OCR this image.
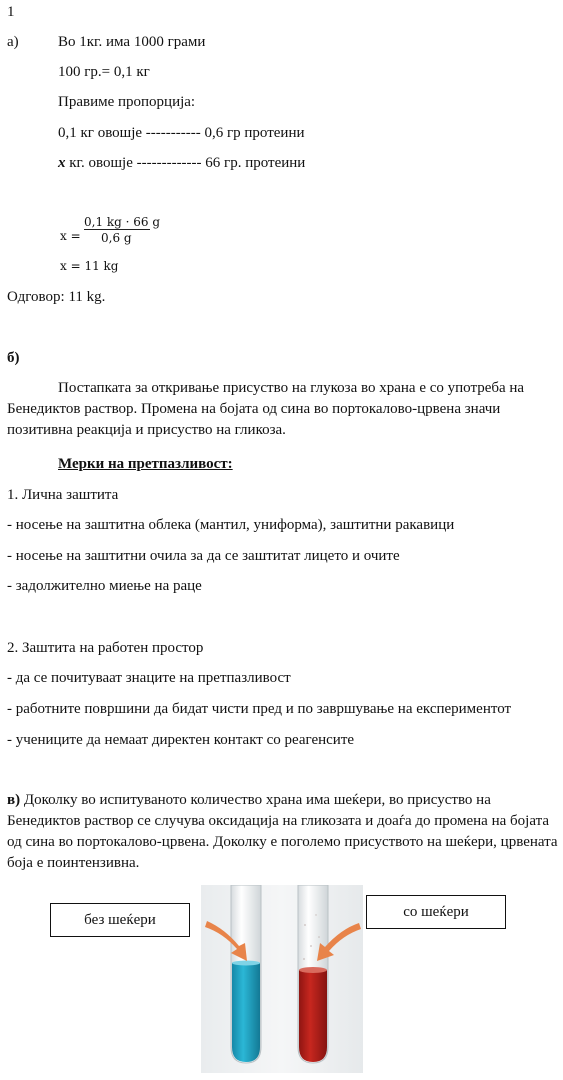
1
а)	Во 1кг. има 1000 грами
100 гр.= 0,1 кг
Правиме пропорција:
0,1 кг овошје ----------- 0,6 гр протеини
x кг. овошје ------------- 66 гр. протеини
x =
0,1 kg · 66 g
0,6 g
x = 11 kg
Одговор: 11 kg.
б)
Постапката за откривање присуство на глукоза во храна е со употреба на Бенедиктов раствор. Промена на бојата од сина во портокалово-црвена значи позитивна реакција и присуство на гликоза.
Мерки на претпазливост:
1. Лична заштита
- носење на заштитна облека (мантил, униформа), заштитни ракавици
- носење на заштитни очила за да се заштитат лицето и очите
- задолжително миење на раце
2. Заштита на работен простор
- да се почитуваат знаците на претпазливост
- работните површини да бидат чисти пред и по завршување на експериментот
- учениците да немаат директен контакт со реагенсите
в) Доколку во испитуваното количество храна има шеќери, во присуство на Бенедиктов раствор се случува оксидација на гликозата и доаѓа до промена на бојата од сина во портокалово-црвена. Доколку е поголемо присуството на шеќери, црвената боја е поинтензивна.
без шеќери	со шеќери
